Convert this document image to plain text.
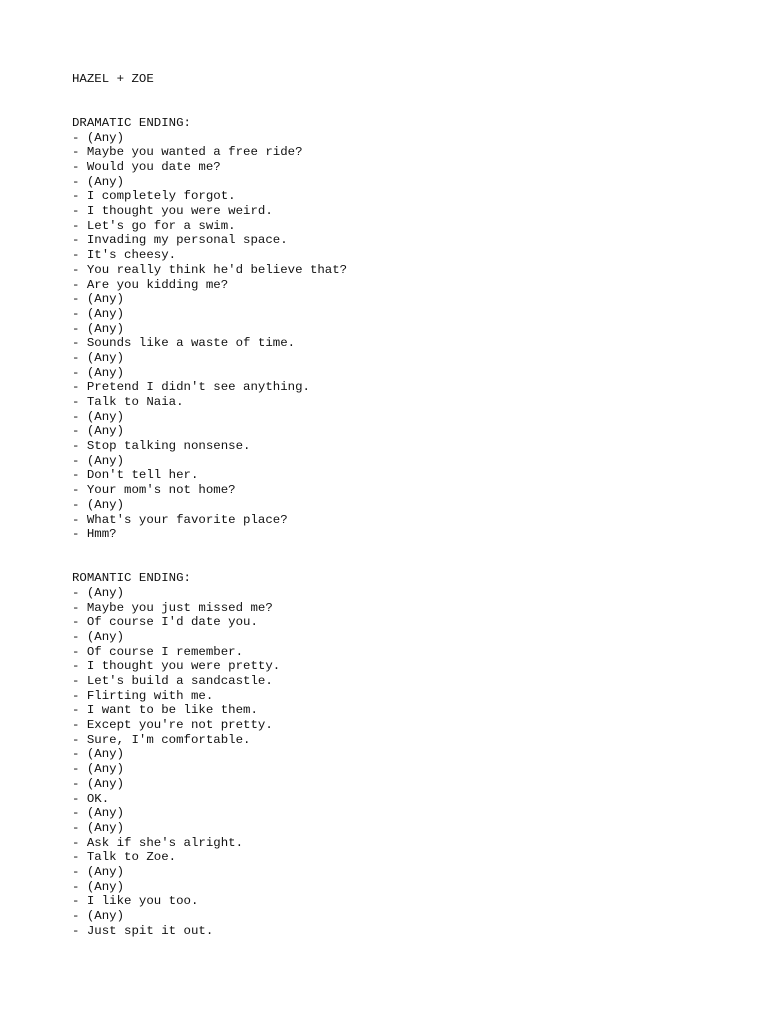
HAZEL + ZOE
DRAMATIC ENDING:
- (Any)
- Maybe you wanted a free ride?
- Would you date me?
- (Any)
- I completely forgot.
- I thought you were weird.
- Let's go for a swim.
- Invading my personal space.
- It's cheesy.
- You really think he'd believe that?
- Are you kidding me?
- (Any)
- (Any)
- (Any)
- Sounds like a waste of time.
- (Any)
- (Any)
- Pretend I didn't see anything.
- Talk to Naia.
- (Any)
- (Any)
- Stop talking nonsense.
- (Any)
- Don't tell her.
- Your mom's not home?
- (Any)
- What's your favorite place?
- Hmm?
ROMANTIC ENDING:
- (Any)
- Maybe you just missed me?
- Of course I'd date you.
- (Any)
- Of course I remember.
- I thought you were pretty.
- Let's build a sandcastle.
- Flirting with me.
- I want to be like them.
- Except you're not pretty.
- Sure, I'm comfortable.
- (Any)
- (Any)
- (Any)
- OK.
- (Any)
- (Any)
- Ask if she's alright.
- Talk to Zoe.
- (Any)
- (Any)
- I like you too.
- (Any)
- Just spit it out.
